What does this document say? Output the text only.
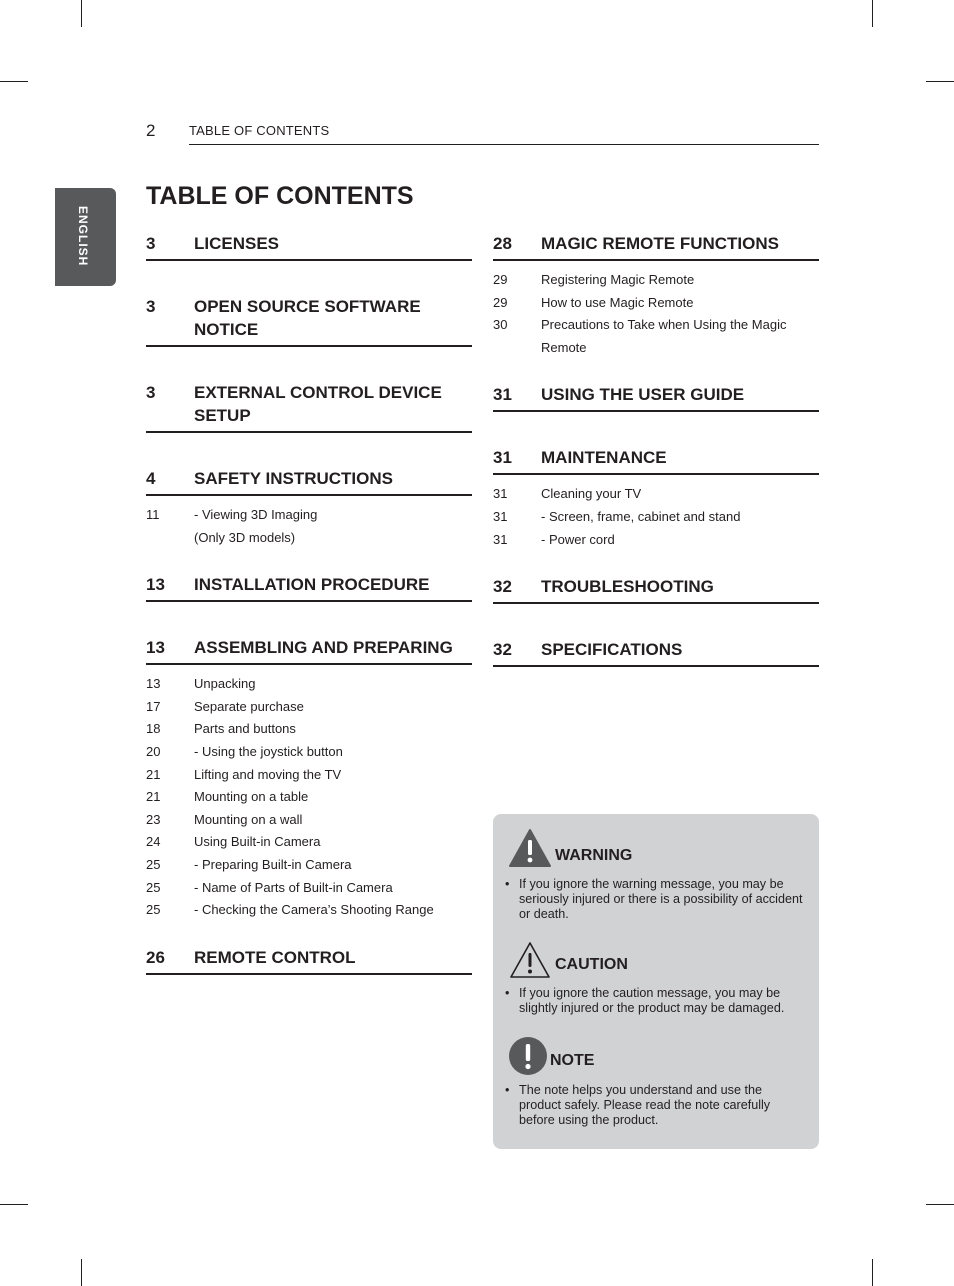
2	TABLE OF CONTENTS
ENGLISH
TABLE OF CONTENTS
3 LICENSES
3 OPEN SOURCE SOFTWARE NOTICE
3 EXTERNAL CONTROL DEVICE SETUP
4 SAFETY INSTRUCTIONS
11	- Viewing 3D Imaging
(Only 3D models)
13 INSTALLATION PROCEDURE
13 ASSEMBLING AND PREPARING
13	Unpacking
17	Separate purchase
18	Parts and buttons
20	- Using the joystick button
21	Lifting and moving the TV
21	Mounting on a table
23	Mounting on a wall
24	Using Built-in Camera
25	- Preparing Built-in Camera
25	- Name of Parts of Built-in Camera
25	- Checking the Camera’s Shooting Range
26 REMOTE CONTROL
28 MAGIC REMOTE FUNCTIONS
29	Registering Magic Remote
29	How to use Magic Remote
30	Precautions to Take when Using the Magic
Remote
31 USING THE USER GUIDE
31 MAINTENANCE
31	Cleaning your TV
31	- Screen, frame, cabinet and stand
31	- Power cord
32 TROUBLESHOOTING
32 SPECIFICATIONS
WARNING
• If you ignore the warning message, you may be seriously injured or there is a possibility of accident or death.
CAUTION
• If you ignore the caution message, you may be slightly injured or the product may be damaged.
NOTE
• The note helps you understand and use the product safely. Please read the note carefully before using the product.
